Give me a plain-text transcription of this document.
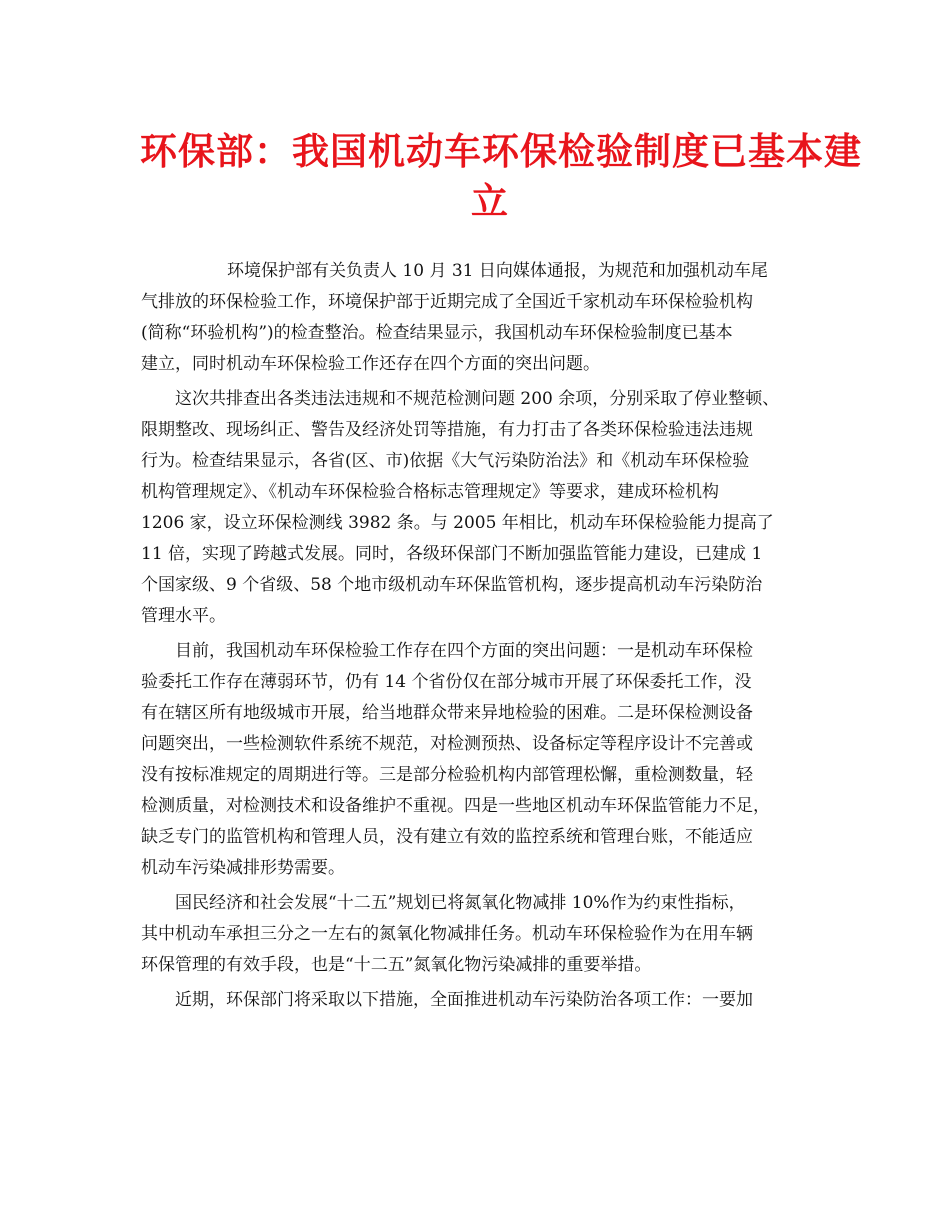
环保部：我国机动车环保检验制度已基本建
立
环境保护部有关负责人 10 月 31 日向媒体通报，为规范和加强机动车尾
气排放的环保检验工作，环境保护部于近期完成了全国近千家机动车环保检验机构
(简称“环验机构”)的检查整治。检查结果显示，我国机动车环保检验制度已基本
建立，同时机动车环保检验工作还存在四个方面的突出问题。
这次共排查出各类违法违规和不规范检测问题 200 余项，分别采取了停业整顿、
限期整改、现场纠正、警告及经济处罚等措施，有力打击了各类环保检验违法违规
行为。检查结果显示，各省(区、市)依据《大气污染防治法》和《机动车环保检验
机构管理规定》、《机动车环保检验合格标志管理规定》等要求，建成环检机构
1206 家，设立环保检测线 3982 条。与 2005 年相比，机动车环保检验能力提高了
11 倍，实现了跨越式发展。同时，各级环保部门不断加强监管能力建设，已建成 1
个国家级、9 个省级、58 个地市级机动车环保监管机构，逐步提高机动车污染防治
管理水平。
目前，我国机动车环保检验工作存在四个方面的突出问题：一是机动车环保检
验委托工作存在薄弱环节，仍有 14 个省份仅在部分城市开展了环保委托工作，没
有在辖区所有地级城市开展，给当地群众带来异地检验的困难。二是环保检测设备
问题突出，一些检测软件系统不规范，对检测预热、设备标定等程序设计不完善或
没有按标准规定的周期进行等。三是部分检验机构内部管理松懈，重检测数量，轻
检测质量，对检测技术和设备维护不重视。四是一些地区机动车环保监管能力不足，
缺乏专门的监管机构和管理人员，没有建立有效的监控系统和管理台账，不能适应
机动车污染减排形势需要。
国民经济和社会发展“十二五”规划已将氮氧化物减排 10%作为约束性指标，
其中机动车承担三分之一左右的氮氧化物减排任务。机动车环保检验作为在用车辆
环保管理的有效手段，也是“十二五”氮氧化物污染减排的重要举措。
近期，环保部门将采取以下措施，全面推进机动车污染防治各项工作：一要加
